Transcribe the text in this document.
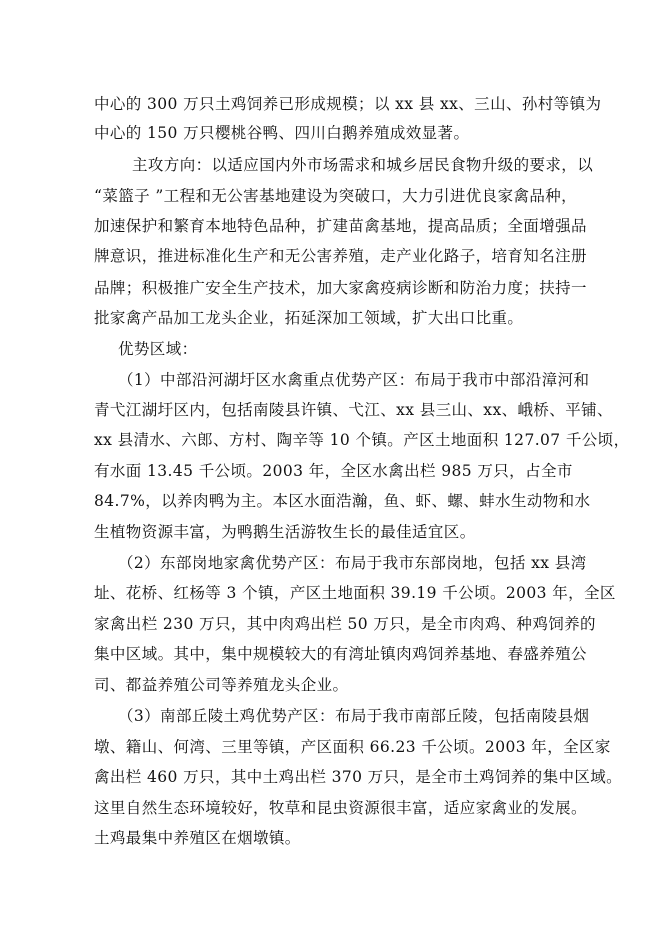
中心的 300 万只土鸡饲养已形成规模；以 xx 县 xx、三山、孙村等镇为
中心的 150 万只樱桃谷鸭、四川白鹅养殖成效显著。
主攻方向：以适应国内外市场需求和城乡居民食物升级的要求，以
“菜篮子 ”工程和无公害基地建设为突破口，大力引进优良家禽品种，
加速保护和繁育本地特色品种，扩建苗禽基地，提高品质；全面增强品
牌意识，推进标准化生产和无公害养殖，走产业化路子，培育知名注册
品牌；积极推广安全生产技术，加大家禽疫病诊断和防治力度；扶持一
批家禽产品加工龙头企业，拓延深加工领域，扩大出口比重。
优势区域：
（1）中部沿河湖圩区水禽重点优势产区：布局于我市中部沿漳河和
青弋江湖圩区内，包括南陵县许镇、弋江、xx 县三山、xx、峨桥、平铺、
xx 县清水、六郎、方村、陶辛等 10 个镇。产区土地面积 127.07 千公顷，
有水面 13.45 千公顷。2003 年，全区水禽出栏 985 万只，占全市
84.7%，以养肉鸭为主。本区水面浩瀚，鱼、虾、螺、蚌水生动物和水
生植物资源丰富，为鸭鹅生活游牧生长的最佳适宜区。
（2）东部岗地家禽优势产区：布局于我市东部岗地，包括 xx 县湾
址、花桥、红杨等 3 个镇，产区土地面积 39.19 千公顷。2003 年，全区
家禽出栏 230 万只，其中肉鸡出栏 50 万只，是全市肉鸡、种鸡饲养的
集中区域。其中，集中规模较大的有湾址镇肉鸡饲养基地、春盛养殖公
司、都益养殖公司等养殖龙头企业。
（3）南部丘陵土鸡优势产区：布局于我市南部丘陵，包括南陵县烟
墩、籍山、何湾、三里等镇，产区面积 66.23 千公顷。2003 年，全区家
禽出栏 460 万只，其中土鸡出栏 370 万只，是全市土鸡饲养的集中区域。
这里自然生态环境较好，牧草和昆虫资源很丰富，适应家禽业的发展。
土鸡最集中养殖区在烟墩镇。
